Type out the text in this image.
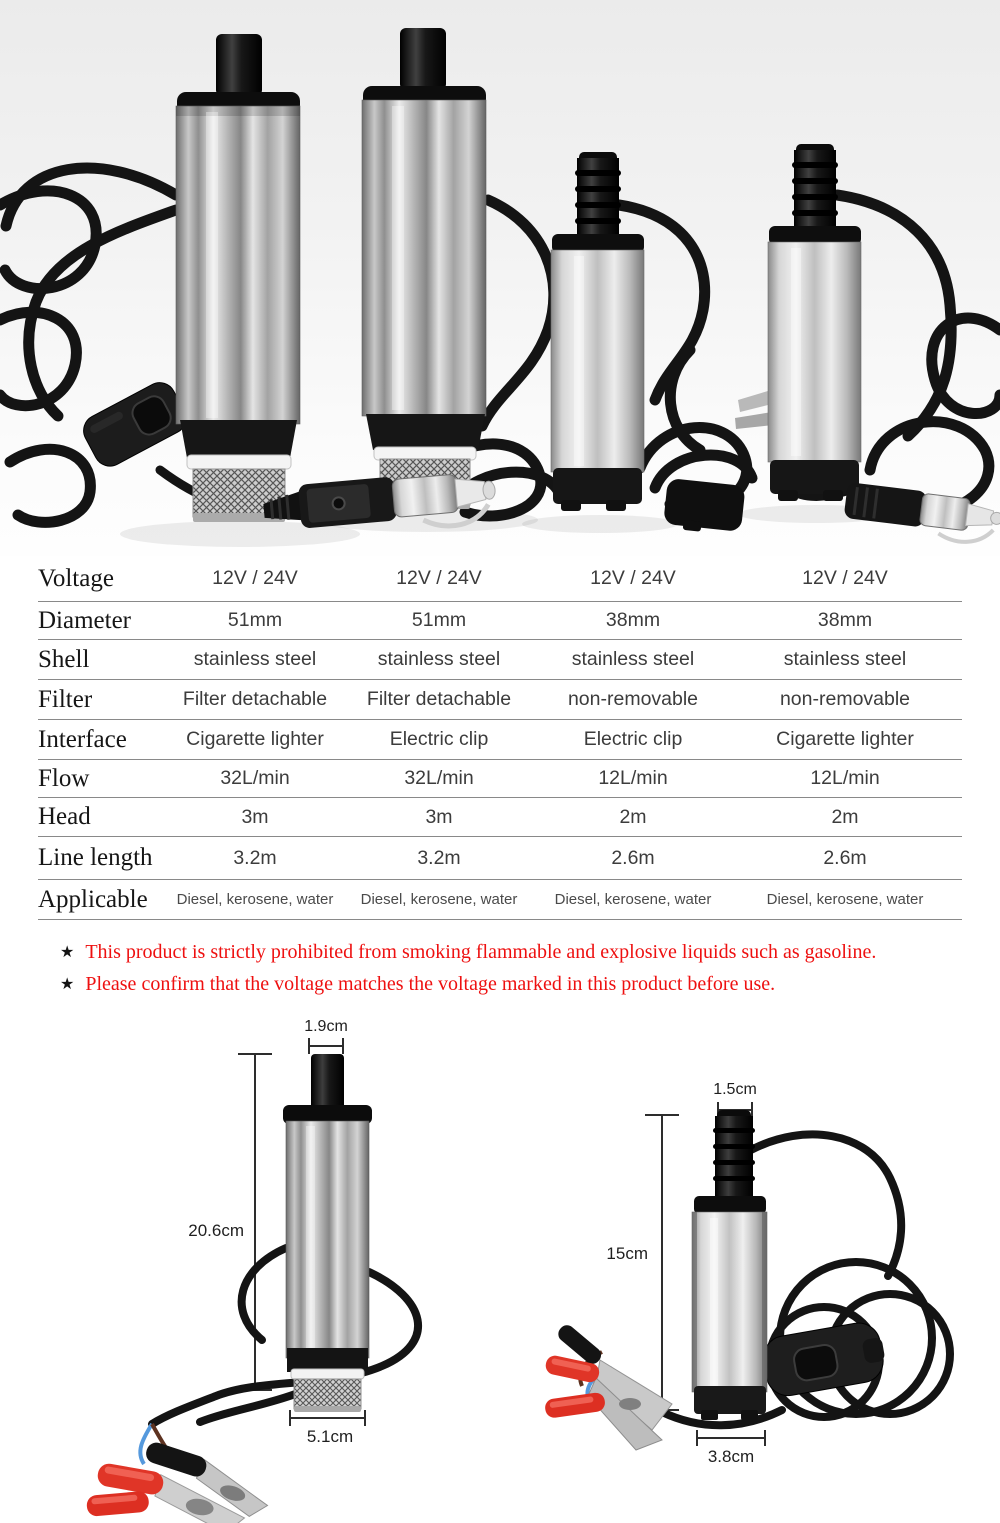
Voltage	12V / 24V	12V / 24V	12V / 24V	12V / 24V
Diameter	51mm	51mm	38mm	38mm
Shell	stainless steel	stainless steel	stainless steel	stainless steel
Filter	Filter detachable	Filter detachable	non-removable	non-removable
Interface	Cigarette lighter	Electric clip	Electric clip	Cigarette lighter
Flow	32L/min	32L/min	12L/min	12L/min
Head	3m	3m	2m	2m
Line length	3.2m	3.2m	2.6m	2.6m
Applicable	Diesel, kerosene, water	Diesel, kerosene, water	Diesel, kerosene, water	Diesel, kerosene, water
★ This product is strictly prohibited from smoking flammable and explosive liquids such as gasoline.
★ Please confirm that the voltage matches the voltage marked in this product before use.
1.9cm
20.6cm
5.1cm
1.5cm
15cm
3.8cm
